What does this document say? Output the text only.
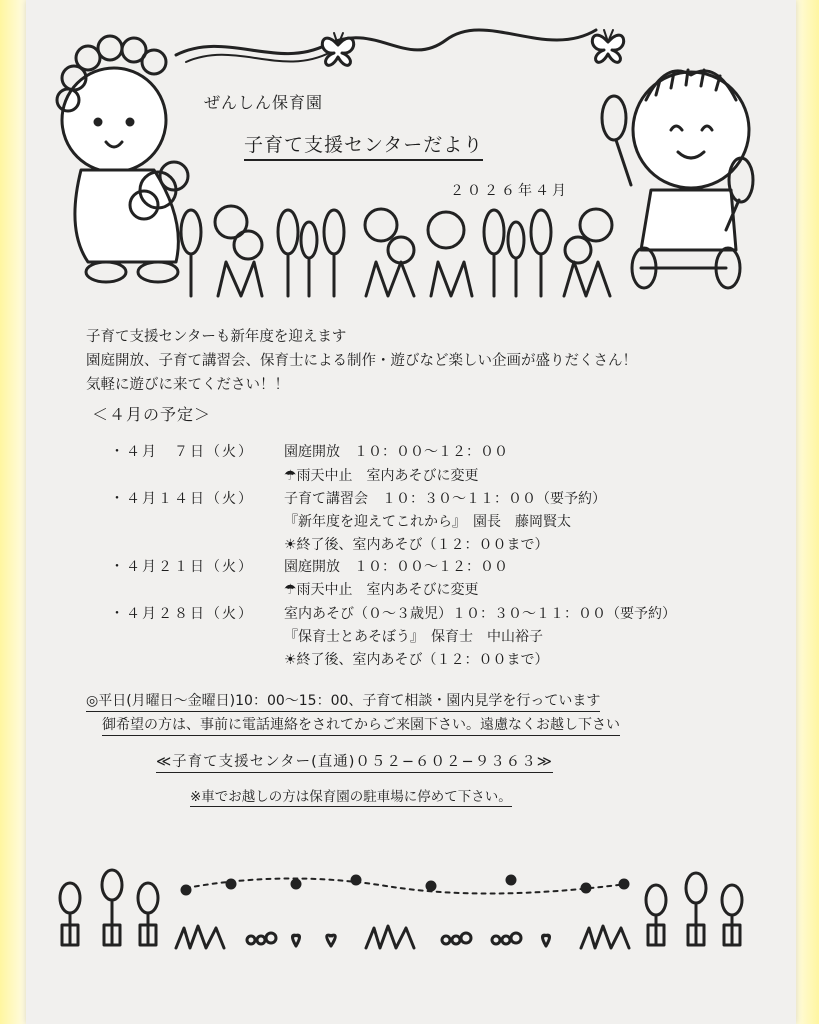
ぜんしん保育園
子育て支援センターだより
２０２６年４月
子育て支援センターも新年度を迎えます
園庭開放、子育て講習会、保育士による制作・遊びなど楽しい企画が盛りだくさん！
気軽に遊びに来てください！！
＜４月の予定＞
・４月　７日（火） 園庭開放　１０：００〜１２：００
☂雨天中止　室内あそびに変更
・４月１４日（火） 子育て講習会　１０：３０〜１１：００（要予約）
『新年度を迎えてこれから』　園長　藤岡賢太
☀終了後、室内あそび（１２：００まで）
・４月２１日（火） 園庭開放　１０：００〜１２：００
☂雨天中止　室内あそびに変更
・４月２８日（火） 室内あそび（０〜３歳児）１０：３０〜１１：００（要予約）
『保育士とあそぼう』　保育士　中山裕子
☀終了後、室内あそび（１２：００まで）
◎平日(月曜日〜金曜日)10：00〜15：00、子育て相談・園内見学を行っています
御希望の方は、事前に電話連絡をされてからご来園下さい。遠慮なくお越し下さい
≪子育て支援センター(直通)０５２−６０２−９３６３≫
※車でお越しの方は保育園の駐車場に停めて下さい。
